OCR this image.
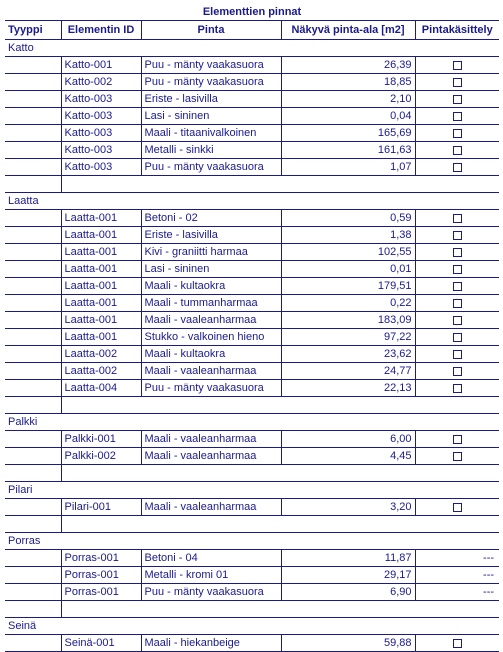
Elementtien pinnat				
Tyyppi	Elementin ID	Pinta	Näkyvä pinta-ala [m2]	Pintakäsittely
Katto				
	Katto-001	Puu - mänty vaakasuora	26,39	
	Katto-002	Puu - mänty vaakasuora	18,85	
	Katto-003	Eriste - lasivilla	2,10	
	Katto-003	Lasi - sininen	0,04	
	Katto-003	Maali - titaanivalkoinen	165,69	
	Katto-003	Metalli - sinkki	161,63	
	Katto-003	Puu - mänty vaakasuora	1,07	

Laatta				
	Laatta-001	Betoni - 02	0,59	
	Laatta-001	Eriste - lasivilla	1,38	
	Laatta-001	Kivi - graniitti harmaa	102,55	
	Laatta-001	Lasi - sininen	0,01	
	Laatta-001	Maali - kultaokra	179,51	
	Laatta-001	Maali - tummanharmaa	0,22	
	Laatta-001	Maali - vaaleanharmaa	183,09	
	Laatta-001	Stukko - valkoinen hieno	97,22	
	Laatta-002	Maali - kultaokra	23,62	
	Laatta-002	Maali - vaaleanharmaa	24,77	
	Laatta-004	Puu - mänty vaakasuora	22,13	

Palkki				
	Palkki-001	Maali - vaaleanharmaa	6,00	
	Palkki-002	Maali - vaaleanharmaa	4,45	

Pilari				
	Pilari-001	Maali - vaaleanharmaa	3,20	

Porras				
	Porras-001	Betoni - 04	11,87	---
	Porras-001	Metalli - kromi 01	29,17	---
	Porras-001	Puu - mänty vaakasuora	6,90	---

Seinä				
	Seinä-001	Maali - hiekanbeige	59,88	
